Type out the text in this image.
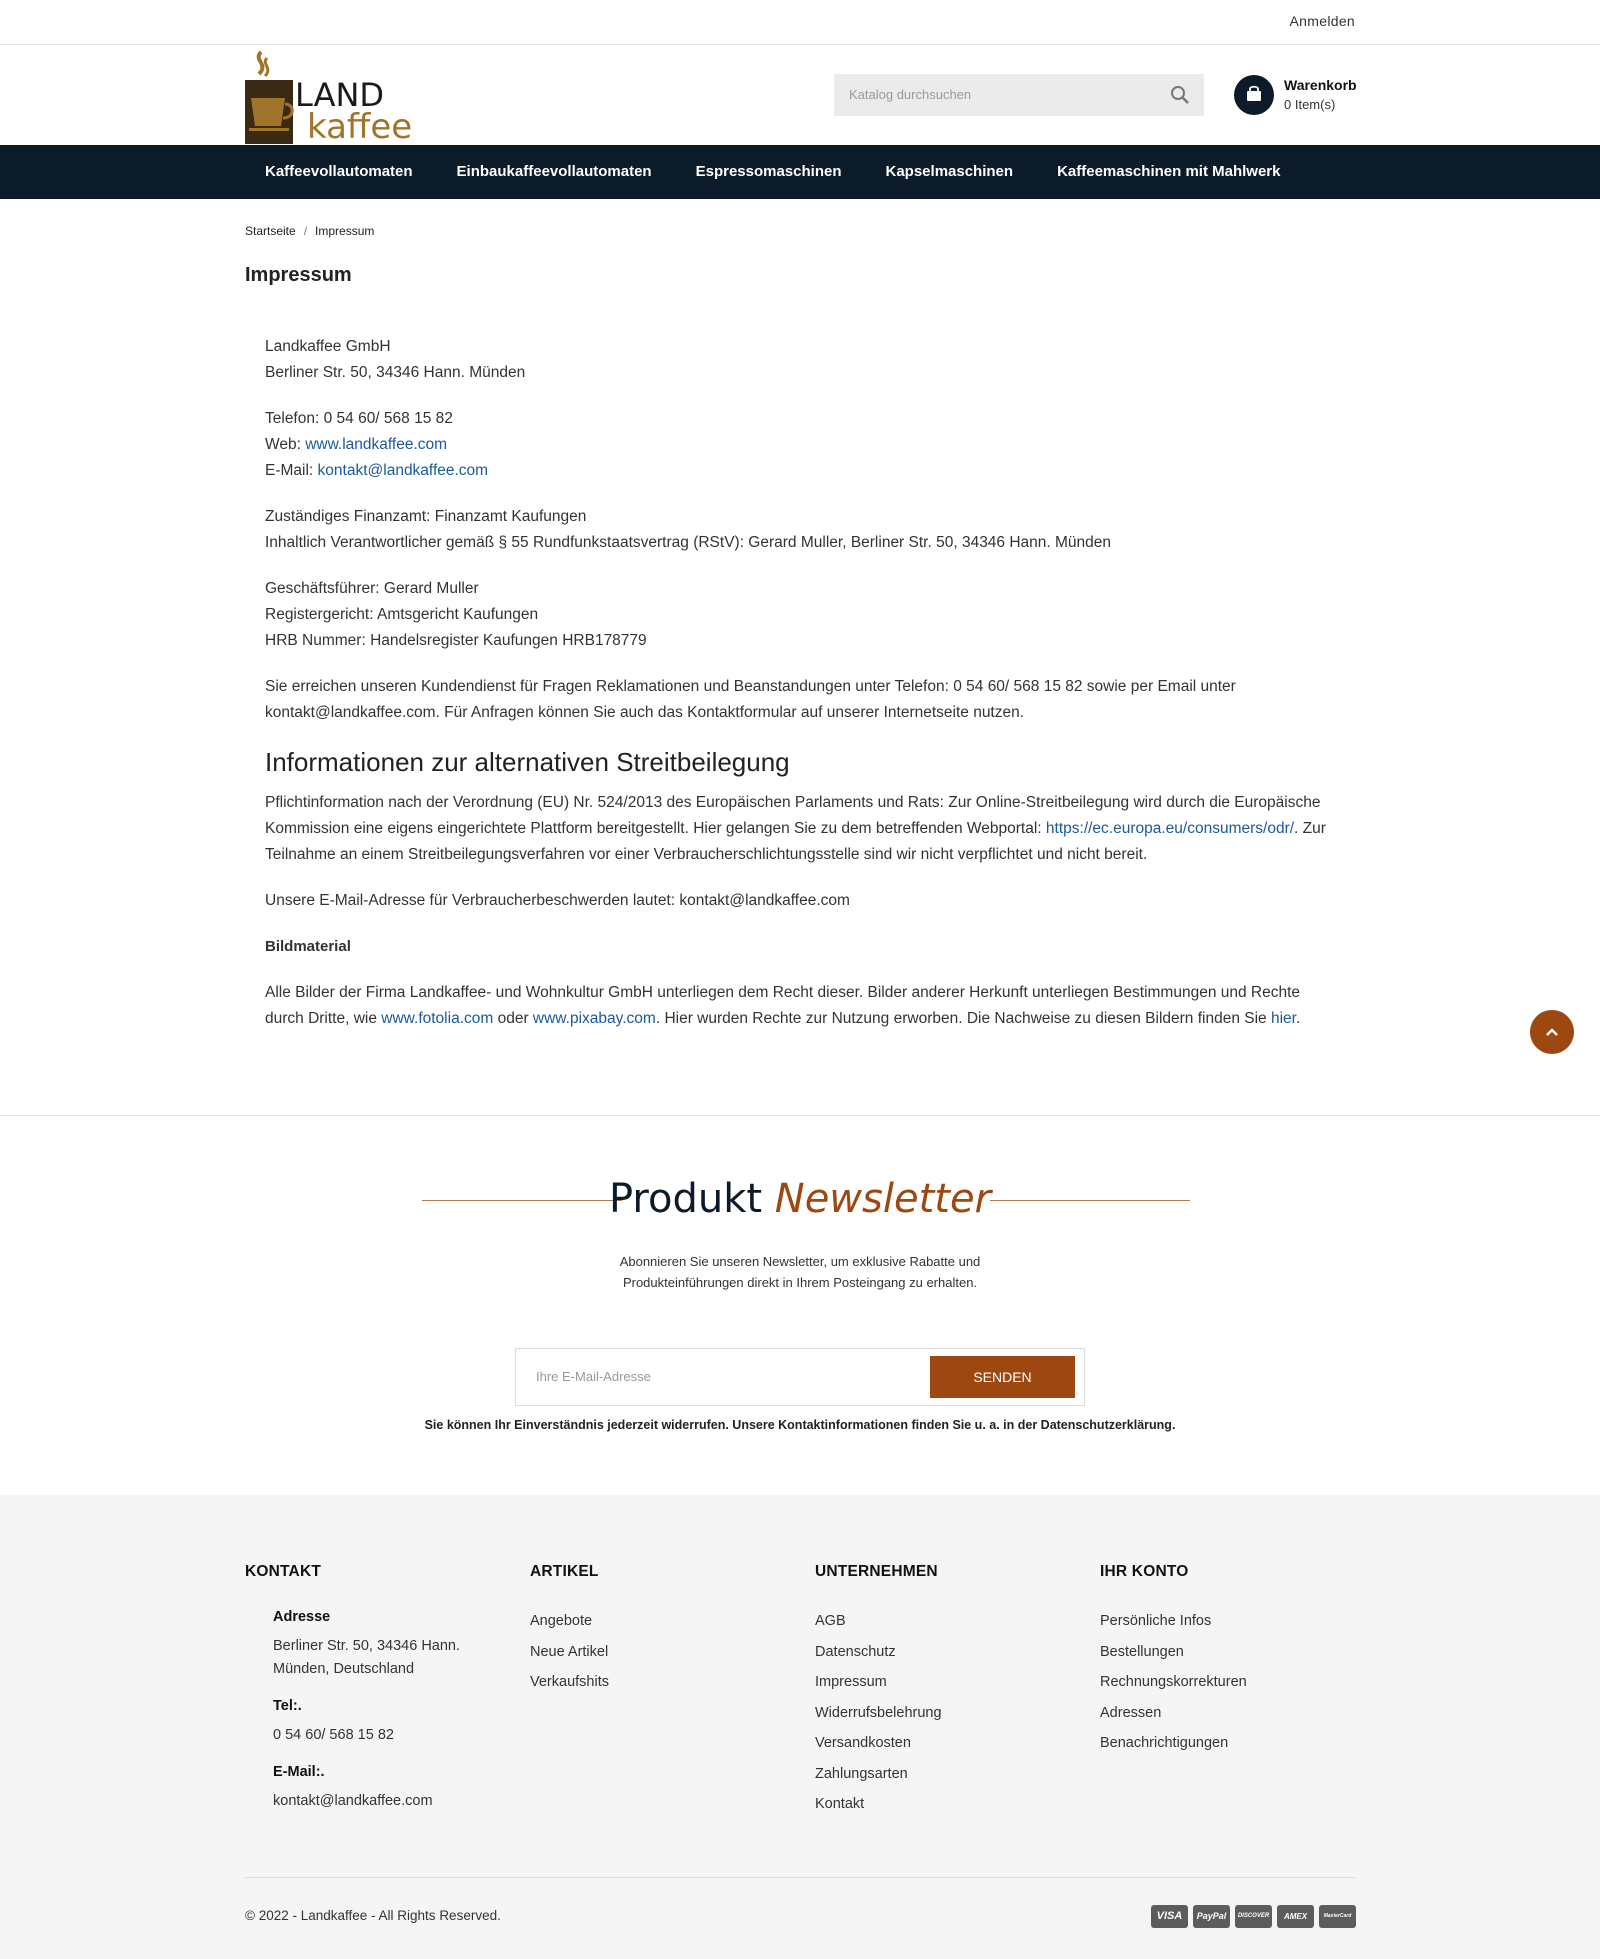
Anmelden
LAND
kaffee
Katalog durchsuchen
Warenkorb
0 Item(s)
Kaffeevollautomaten	Einbaukaffeevollautomaten	Espressomaschinen	Kapselmaschinen	Kaffeemaschinen mit Mahlwerk
Startseite / Impressum
Impressum

Landkaffee GmbH
Berliner Str. 50, 34346 Hann. Münden

Telefon: 0 54 60/ 568 15 82
Web: www.landkaffee.com
E-Mail: kontakt@landkaffee.com

Zuständiges Finanzamt: Finanzamt Kaufungen
Inhaltlich Verantwortlicher gemäß § 55 Rundfunkstaatsvertrag (RStV): Gerard Muller, Berliner Str. 50, 34346 Hann. Münden

Geschäftsführer: Gerard Muller
Registergericht: Amtsgericht Kaufungen
HRB Nummer: Handelsregister Kaufungen HRB178779

Sie erreichen unseren Kundendienst für Fragen Reklamationen und Beanstandungen unter Telefon: 0 54 60/ 568 15 82 sowie per Email unter kontakt@landkaffee.com. Für Anfragen können Sie auch das Kontaktformular auf unserer Internetseite nutzen.

Informationen zur alternativen Streitbeilegung

Pflichtinformation nach der Verordnung (EU) Nr. 524/2013 des Europäischen Parlaments und Rats: Zur Online-Streitbeilegung wird durch die Europäische Kommission eine eigens eingerichtete Plattform bereitgestellt. Hier gelangen Sie zu dem betreffenden Webportal: https://ec.europa.eu/consumers/odr/. Zur Teilnahme an einem Streitbeilegungsverfahren vor einer Verbraucherschlichtungsstelle sind wir nicht verpflichtet und nicht bereit.

Unsere E-Mail-Adresse für Verbraucherbeschwerden lautet: kontakt@landkaffee.com

Bildmaterial

Alle Bilder der Firma Landkaffee- und Wohnkultur GmbH unterliegen dem Recht dieser. Bilder anderer Herkunft unterliegen Bestimmungen und Rechte durch Dritte, wie www.fotolia.com oder www.pixabay.com. Hier wurden Rechte zur Nutzung erworben. Die Nachweise zu diesen Bildern finden Sie hier.

Produkt Newsletter
Abonnieren Sie unseren Newsletter, um exklusive Rabatte und Produkteinführungen direkt in Ihrem Posteingang zu erhalten.
Ihre E-Mail-Adresse	SENDEN
Sie können Ihr Einverständnis jederzeit widerrufen. Unsere Kontaktinformationen finden Sie u. a. in der Datenschutzerklärung.
KONTAKT
Adresse
Berliner Str. 50, 34346 Hann. Münden, Deutschland
Tel:.
0 54 60/ 568 15 82
E-Mail:.
kontakt@landkaffee.com
ARTIKEL
Angebote
Neue Artikel
Verkaufshits
UNTERNEHMEN
AGB
Datenschutz
Impressum
Widerrufsbelehrung
Versandkosten
Zahlungsarten
Kontakt
IHR KONTO
Persönliche Infos
Bestellungen
Rechnungskorrekturen
Adressen
Benachrichtigungen
© 2022 - Landkaffee - All Rights Reserved.	VISA	PayPal	DISCOVER	AMEX	MasterCard
